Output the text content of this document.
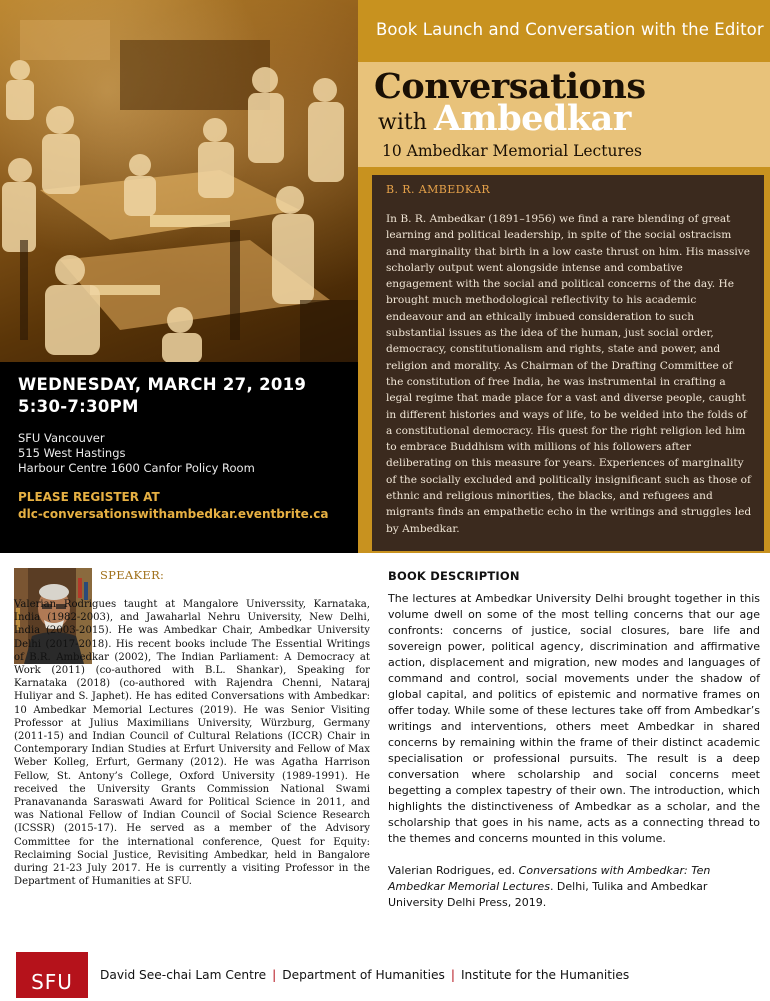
WEDNESDAY, MARCH 27, 2019
5:30-7:30PM
SFU Vancouver
515 West Hastings
Harbour Centre 1600 Canfor Policy Room
PLEASE REGISTER AT
dlc-conversationswithambedkar.eventbrite.ca
Book Launch and Conversation with the Editor
Conversations
with Ambedkar
10 Ambedkar Memorial Lectures
B. R. AMBEDKAR
In B. R. Ambedkar (1891–1956) we find a rare blending of great learning and political leadership, in spite of the social ostracism and marginality that birth in a low caste thrust on him. His massive scholarly output went alongside intense and combative engagement with the social and political concerns of the day. He brought much methodological reflectivity to his academic endeavour and an ethically imbued consideration to such substantial issues as the idea of the human, just social order, democracy, constitutionalism and rights, state and power, and religion and morality. As Chairman of the Drafting Committee of the constitution of free India, he was instrumental in crafting a legal regime that made place for a vast and diverse people, caught in different histories and ways of life, to be welded into the folds of a constitutional democracy. His quest for the right religion led him to embrace Buddhism with millions of his followers after deliberating on this measure for years. Experiences of marginality of the socially excluded and politically insignificant such as those of ethnic and religious minorities, the blacks, and refugees and migrants finds an empathetic echo in the writings and struggles led by Ambedkar.
SPEAKER:
Valerian Rodrigues taught at Mangalore Universsity, Karnataka, India (1982-2003), and Jawaharlal Nehru University, New Delhi, India (2003-2015). He was Ambedkar Chair, Ambedkar University Delhi (2017-2018). His recent books include The Essential Writings of B.R. Ambedkar (2002), The Indian Parliament: A Democracy at Work (2011) (co-authored with B.L. Shankar), Speaking for Karnataka (2018) (co-authored with Rajendra Chenni, Nataraj Huliyar and S. Japhet). He has edited Conversations with Ambedkar: 10 Ambedkar Memorial Lectures (2019). He was Senior Visiting Professor at Julius Maximilians University, Würzburg, Germany (2011-15) and Indian Council of Cultural Relations (ICCR) Chair in Contemporary Indian Studies at Erfurt University and Fellow of Max Weber Kolleg, Erfurt, Germany (2012). He was Agatha Harrison Fellow, St. Antony’s College, Oxford University (1989-1991). He received the University Grants Commission National Swami Pranavananda Saraswati Award for Political Science in 2011, and was National Fellow of Indian Council of Social Science Research (ICSSR) (2015-17). He served as a member of the Advisory Committee for the international conference, Quest for Equity: Reclaiming Social Justice, Revisiting Ambedkar, held in Bangalore during 21-23 July 2017. He is currently a visiting Professor in the Department of Humanities at SFU.
BOOK DESCRIPTION
The lectures at Ambedkar University Delhi brought together in this volume dwell on some of the most telling concerns that our age confronts: concerns of justice, social closures, bare life and sovereign power, political agency, discrimination and affirmative action, displacement and migration, new modes and languages of command and control, social movements under the shadow of global capital, and politics of epistemic and normative frames on offer today. While some of these lectures take off from Ambedkar’s writings and interventions, others meet Ambedkar in shared concerns by remaining within the frame of their distinct academic specialisation or professional pursuits. The result is a deep conversation where scholarship and social concerns meet begetting a complex tapestry of their own. The introduction, which highlights the distinctiveness of Ambedkar as a scholar, and the scholarship that goes in his name, acts as a connecting thread to the themes and concerns mounted in this volume.
Valerian Rodrigues, ed. Conversations with Ambedkar: Ten Ambedkar Memorial Lectures. Delhi, Tulika and Ambedkar University Delhi Press, 2019.
SFU	David See-chai Lam Centre | Department of Humanities | Institute for the Humanities
